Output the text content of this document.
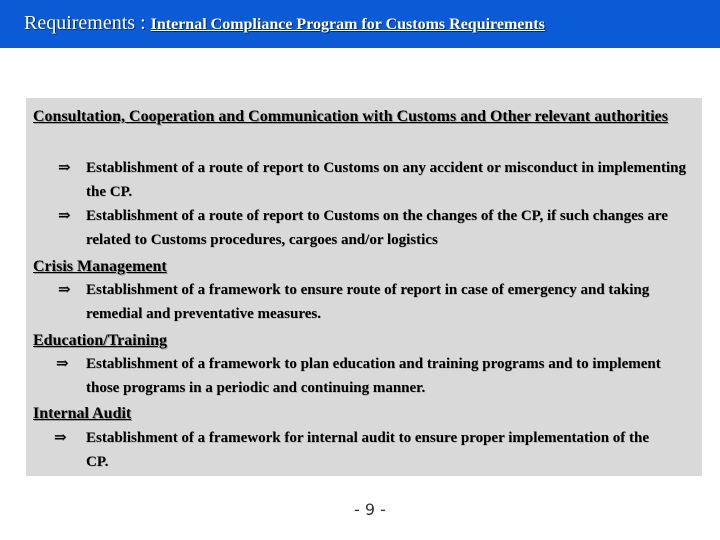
Requirements : Internal Compliance Program for Customs Requirements
Consultation, Cooperation and Communication with Customs and Other relevant authorities
⇒	Establishment of a route of report to Customs on any accident or misconduct in implementing the CP.
⇒	Establishment of a route of report to Customs on the changes of the CP, if such changes are related to Customs procedures, cargoes and/or logistics
Crisis Management
⇒	Establishment of a framework to ensure route of report in case of emergency and taking remedial and preventative measures.
Education/Training
⇒	Establishment of a framework to plan education and training programs and to implement those programs in a periodic and continuing manner.
Internal Audit
⇒	Establishment of a framework for internal audit to ensure proper implementation of the CP.
- 9 -
